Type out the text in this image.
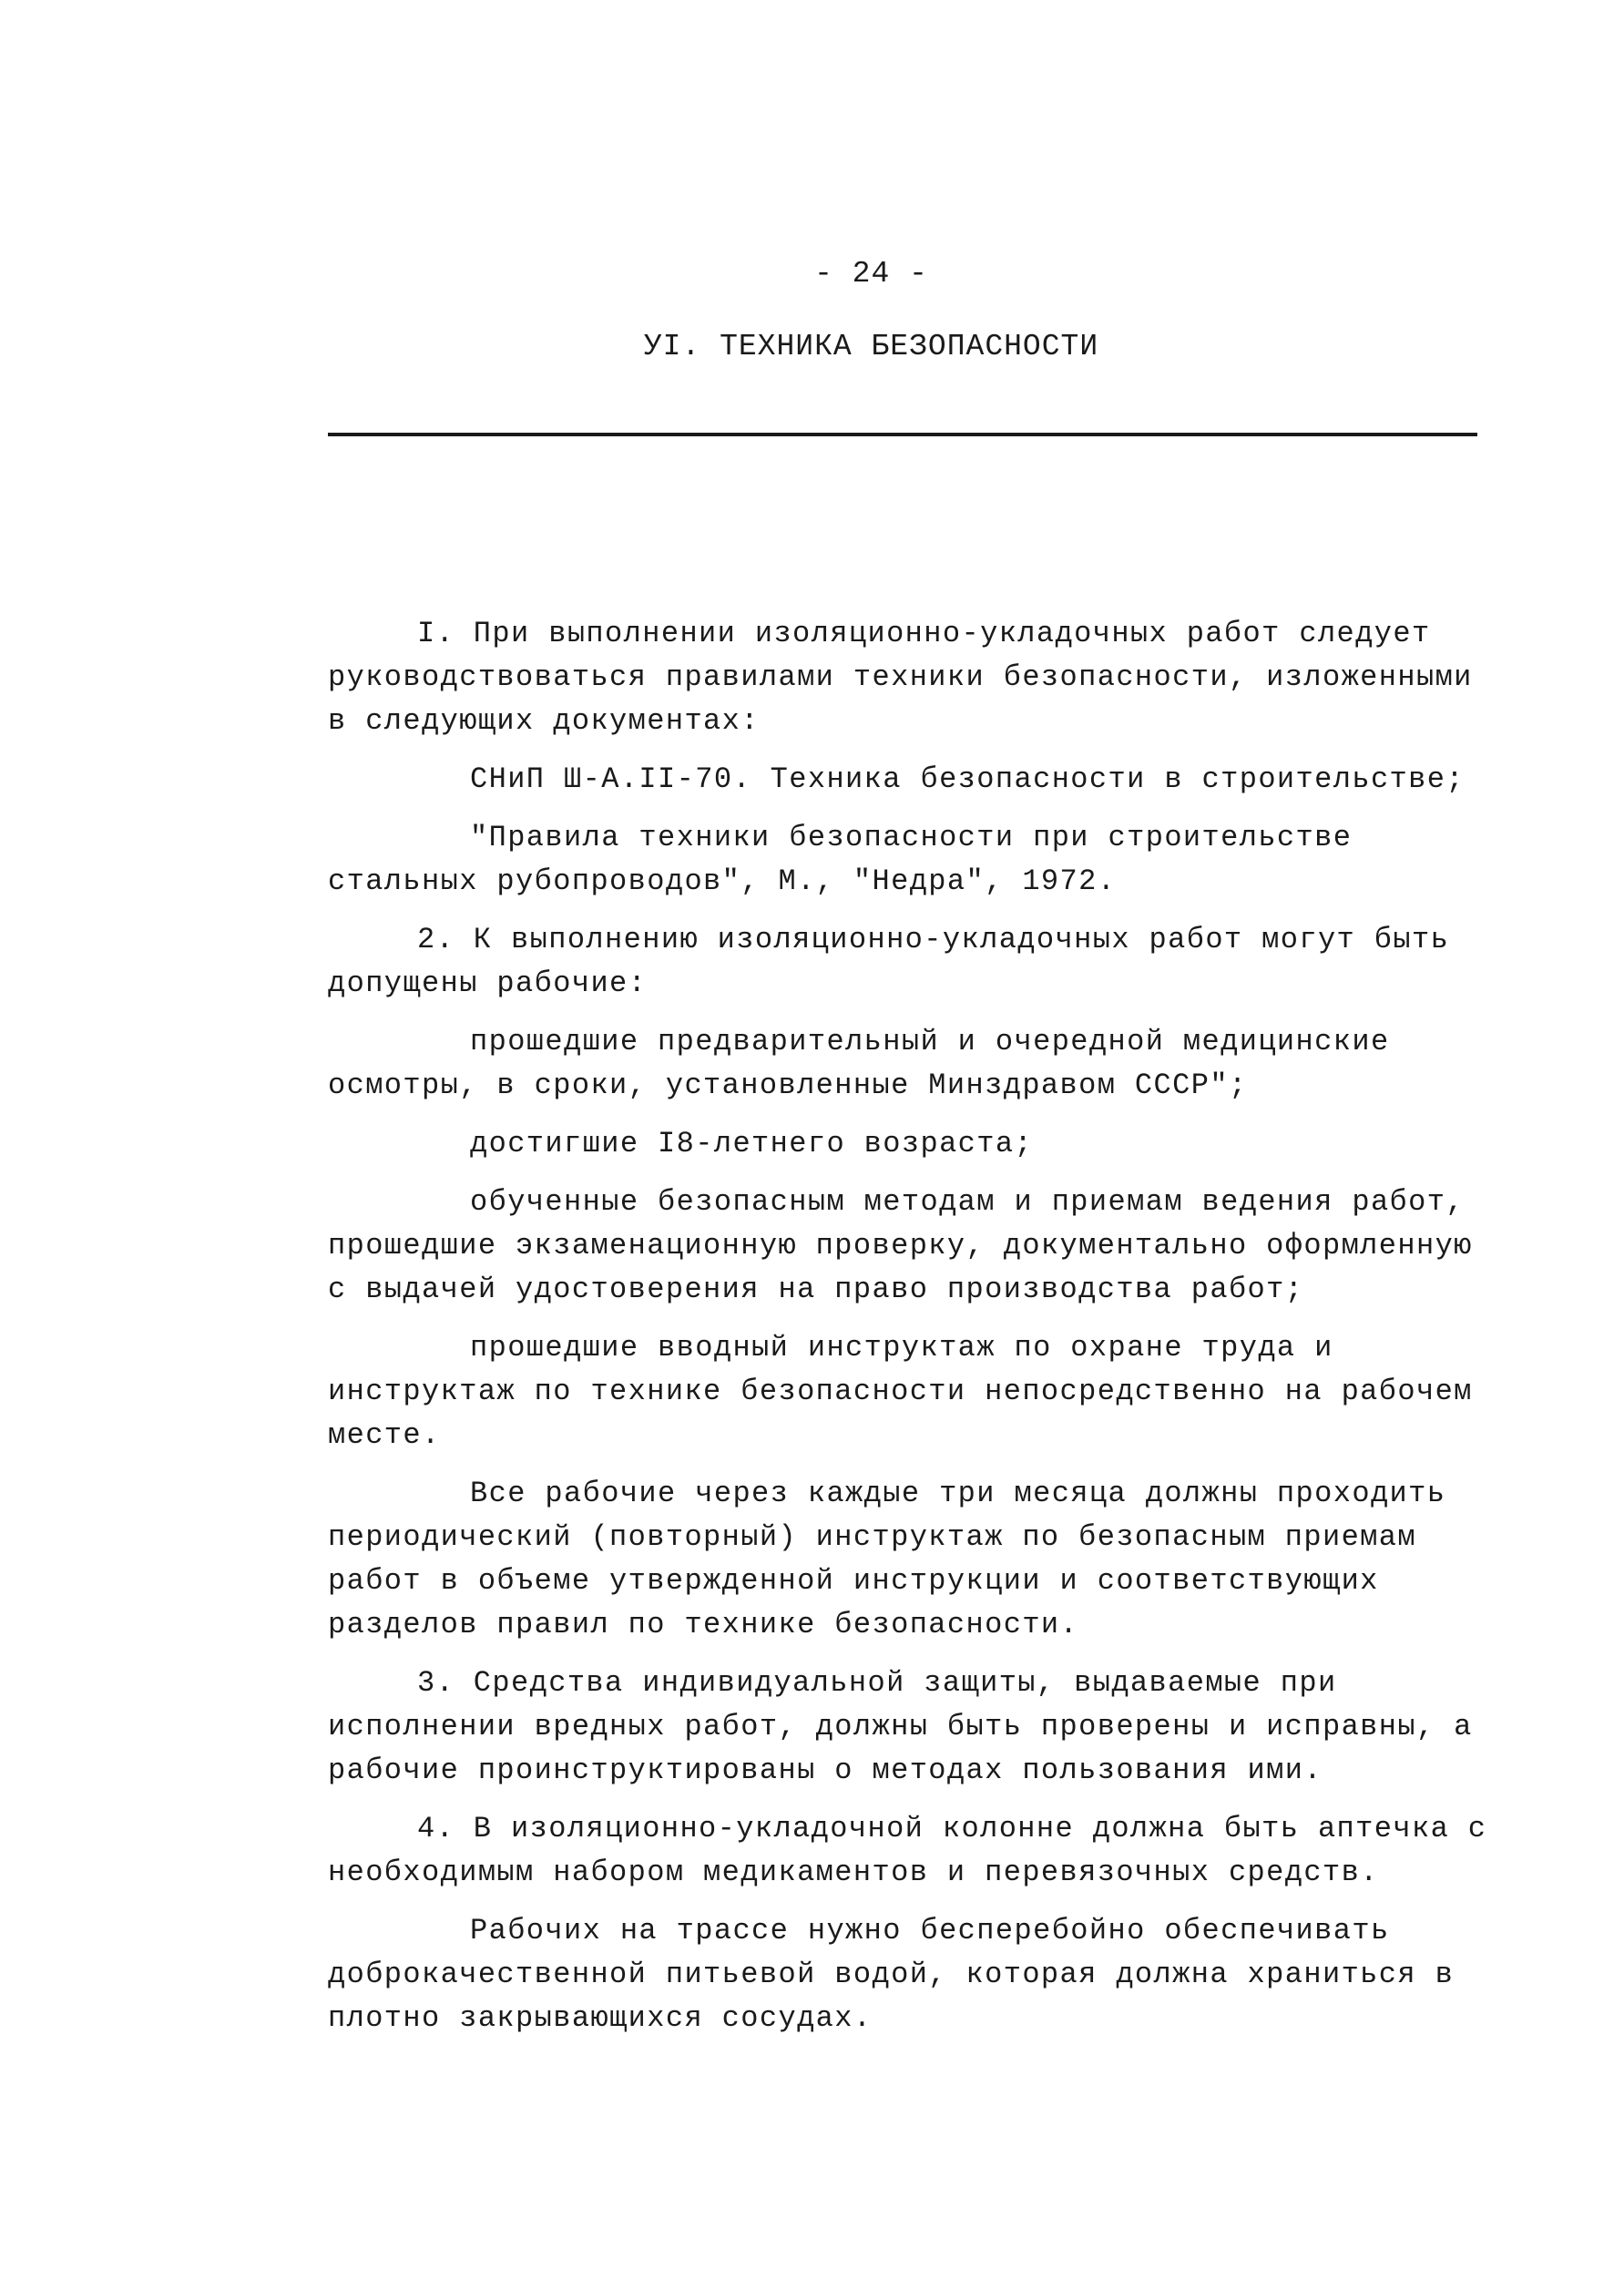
- 24 -
УI. ТЕХНИКА БЕЗОПАСНОСТИ

I. При выполнении изоляционно-укладочных работ следует руководствоваться правилами техники безопасности, изложенными в следующих документах:

СНиП Ш-А.II-70. Техника безопасности в строительстве;

"Правила техники безопасности при строительстве стальных рубопроводов", М., "Недра", 1972.

2. К выполнению изоляционно-укладочных работ могут быть допущены рабочие:

прошедшие предварительный и очередной медицинские осмотры, в сроки, установленные Минздравом СССР";

достигшие I8-летнего возраста;

обученные безопасным методам и приемам ведения работ, прошедшие экзаменационную проверку, документально оформленную с выдачей удостоверения на право производства работ;

прошедшие вводный инструктаж по охране труда и инструктаж по технике безопасности непосредственно на рабочем месте.

Все рабочие через каждые три месяца должны проходить периодический (повторный) инструктаж по безопасным приемам работ в объеме утвержденной инструкции и соответствующих разделов правил по технике безопасности.

3. Средства индивидуальной защиты, выдаваемые при исполнении вредных работ, должны быть проверены и исправны, а рабочие проинструктированы о методах пользования ими.

4. В изоляционно-укладочной колонне должна быть аптечка с необходимым набором медикаментов и перевязочных средств.

Рабочих на трассе нужно бесперебойно обеспечивать доброкачественной питьевой водой, которая должна храниться в плотно закрывающихся сосудах.
